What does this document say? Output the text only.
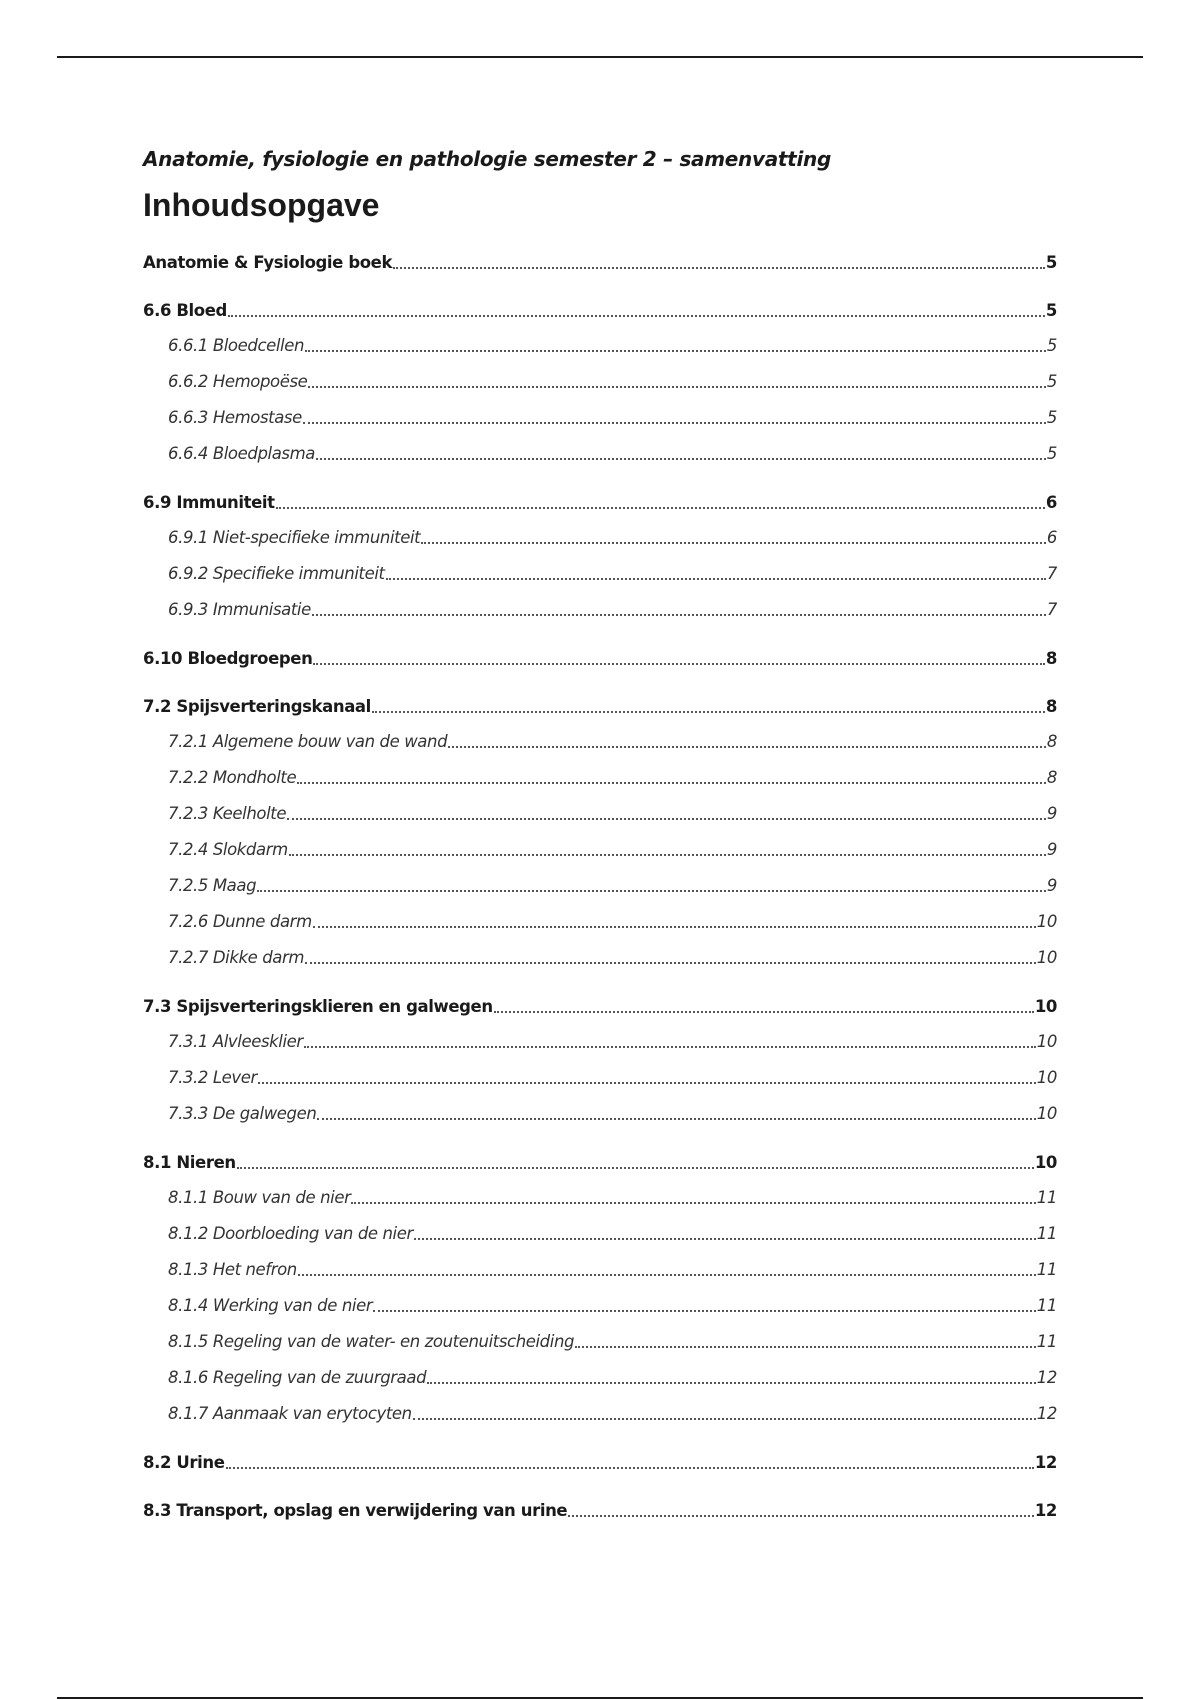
Anatomie, fysiologie en pathologie semester 2 – samenvatting
Inhoudsopgave
Anatomie & Fysiologie boek	5
6.6 Bloed	5
6.6.1 Bloedcellen	5
6.6.2 Hemopoëse	5
6.6.3 Hemostase	5
6.6.4 Bloedplasma	5
6.9 Immuniteit	6
6.9.1 Niet-specifieke immuniteit	6
6.9.2 Specifieke immuniteit	7
6.9.3 Immunisatie	7
6.10 Bloedgroepen	8
7.2 Spijsverteringskanaal	8
7.2.1 Algemene bouw van de wand	8
7.2.2 Mondholte	8
7.2.3 Keelholte	9
7.2.4 Slokdarm	9
7.2.5 Maag	9
7.2.6 Dunne darm	10
7.2.7 Dikke darm	10
7.3 Spijsverteringsklieren en galwegen	10
7.3.1 Alvleesklier	10
7.3.2 Lever	10
7.3.3 De galwegen	10
8.1 Nieren	10
8.1.1 Bouw van de nier	11
8.1.2 Doorbloeding van de nier	11
8.1.3 Het nefron	11
8.1.4 Werking van de nier	11
8.1.5 Regeling van de water- en zoutenuitscheiding	11
8.1.6 Regeling van de zuurgraad	12
8.1.7 Aanmaak van erytocyten	12
8.2 Urine	12
8.3 Transport, opslag en verwijdering van urine	12
